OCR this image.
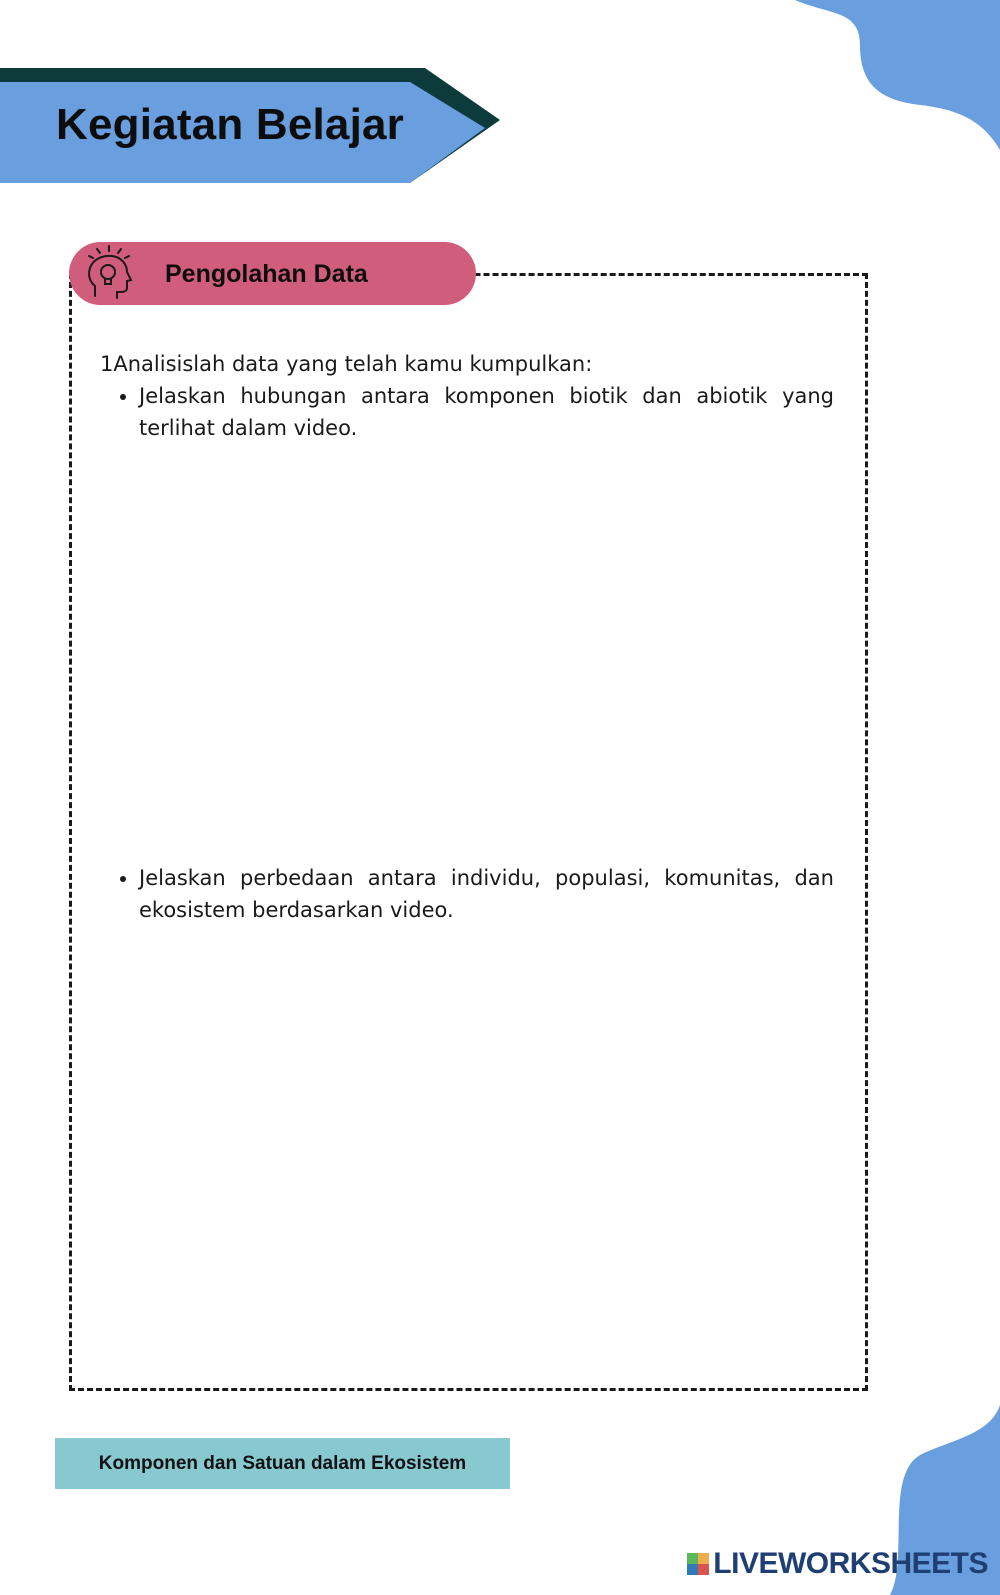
Kegiatan Belajar

Pengolahan Data

1Analisislah data yang telah kamu kumpulkan:

• Jelaskan hubungan antara komponen biotik dan abiotik yang terlihat dalam video.
• Jelaskan perbedaan antara individu, populasi, komunitas, dan ekosistem berdasarkan video.
Komponen dan Satuan dalam Ekosistem
LIVEWORKSHEETS
